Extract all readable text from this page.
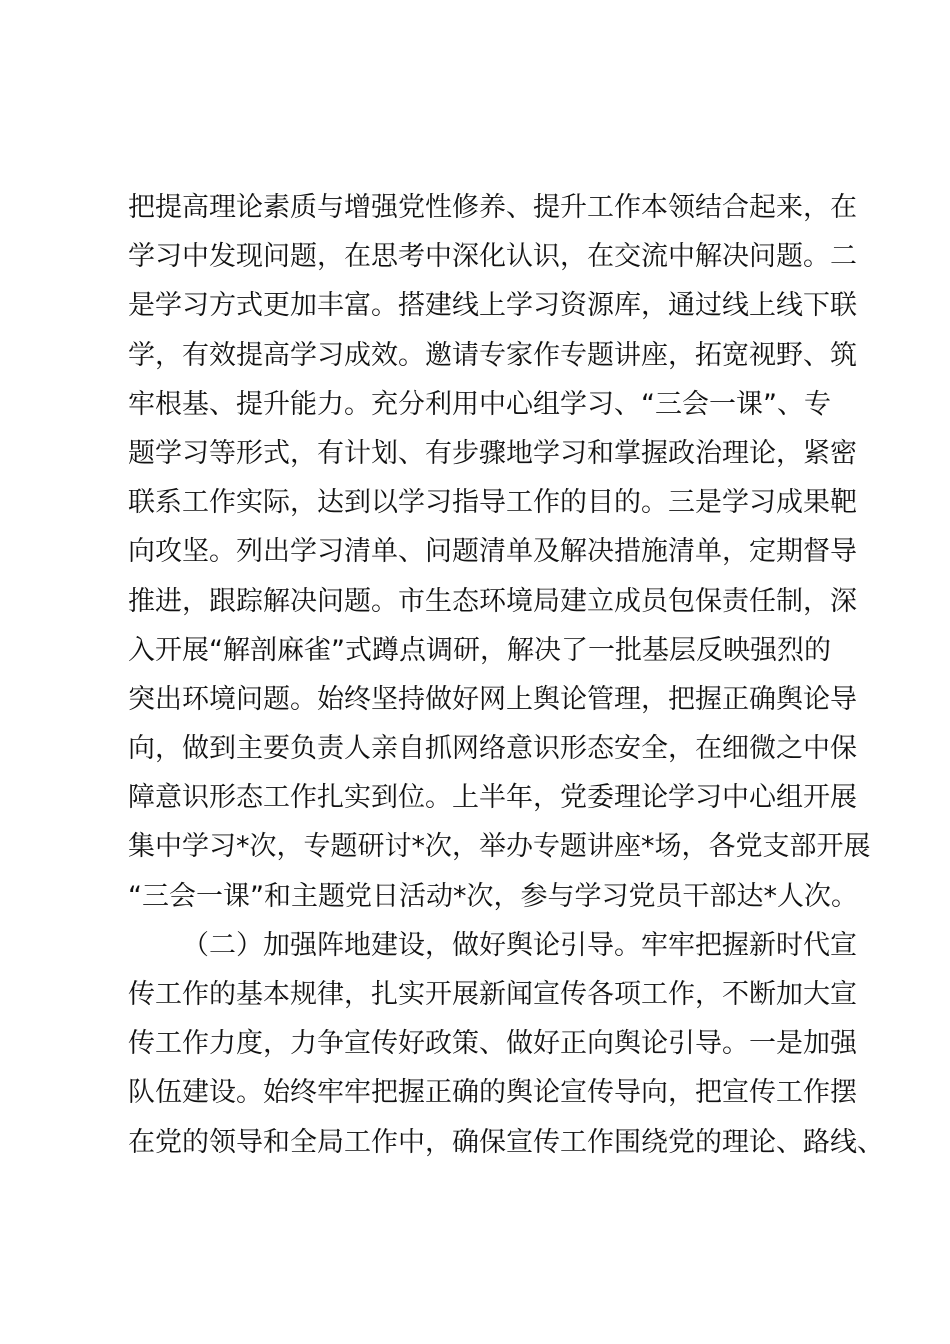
把提高理论素质与增强党性修养、提升工作本领结合起来，在
学习中发现问题，在思考中深化认识，在交流中解决问题。二
是学习方式更加丰富。搭建线上学习资源库，通过线上线下联
学，有效提高学习成效。邀请专家作专题讲座，拓宽视野、筑
牢根基、提升能力。充分利用中心组学习、“三会一课”、专
题学习等形式，有计划、有步骤地学习和掌握政治理论，紧密
联系工作实际，达到以学习指导工作的目的。三是学习成果靶
向攻坚。列出学习清单、问题清单及解决措施清单，定期督导
推进，跟踪解决问题。市生态环境局建立成员包保责任制，深
入开展“解剖麻雀”式蹲点调研，解决了一批基层反映强烈的
突出环境问题。始终坚持做好网上舆论管理，把握正确舆论导
向，做到主要负责人亲自抓网络意识形态安全，在细微之中保
障意识形态工作扎实到位。上半年，党委理论学习中心组开展
集中学习*次，专题研讨*次，举办专题讲座*场，各党支部开展
“三会一课”和主题党日活动*次，参与学习党员干部达*人次。
（二）加强阵地建设，做好舆论引导。牢牢把握新时代宣
传工作的基本规律，扎实开展新闻宣传各项工作，不断加大宣
传工作力度，力争宣传好政策、做好正向舆论引导。一是加强
队伍建设。始终牢牢把握正确的舆论宣传导向，把宣传工作摆
在党的领导和全局工作中，确保宣传工作围绕党的理论、路线、
